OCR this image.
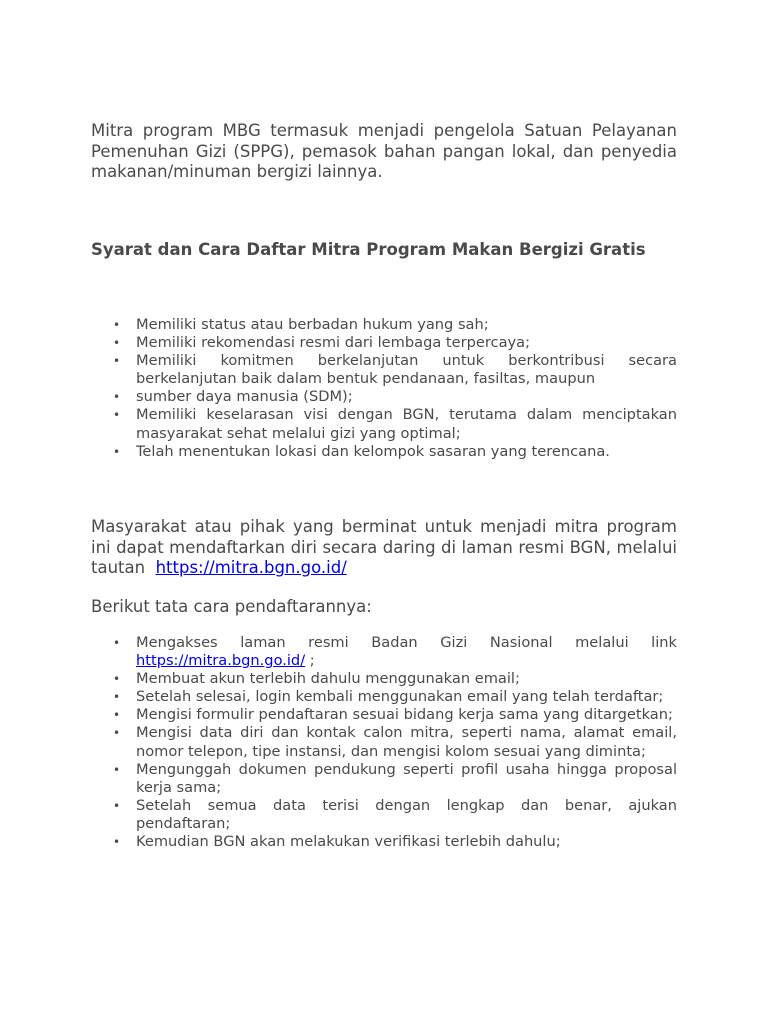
Mitra program MBG termasuk menjadi pengelola Satuan Pelayanan Pemenuhan Gizi (SPPG), pemasok bahan pangan lokal, dan penyedia makanan/minuman bergizi lainnya.

Syarat dan Cara Daftar Mitra Program Makan Bergizi Gratis
• Memiliki status atau berbadan hukum yang sah;
• Memiliki rekomendasi resmi dari lembaga terpercaya;
• Memiliki komitmen berkelanjutan untuk berkontribusi secara berkelanjutan baik dalam bentuk pendanaan, fasiltas, maupun
• sumber daya manusia (SDM);
• Memiliki keselarasan visi dengan BGN, terutama dalam menciptakan masyarakat sehat melalui gizi yang optimal;
• Telah menentukan lokasi dan kelompok sasaran yang terencana.

Masyarakat atau pihak yang berminat untuk menjadi mitra program ini dapat mendaftarkan diri secara daring di laman resmi BGN, melalui tautan  https://mitra.bgn.go.id/

Berikut tata cara pendaftarannya:

• Mengakses laman resmi Badan Gizi Nasional melalui link https://mitra.bgn.go.id/ ;
• Membuat akun terlebih dahulu menggunakan email;
• Setelah selesai, login kembali menggunakan email yang telah terdaftar;
• Mengisi formulir pendaftaran sesuai bidang kerja sama yang ditargetkan;
• Mengisi data diri dan kontak calon mitra, seperti nama, alamat email, nomor telepon, tipe instansi, dan mengisi kolom sesuai yang diminta;
• Mengunggah dokumen pendukung seperti profil usaha hingga proposal kerja sama;
• Setelah semua data terisi dengan lengkap dan benar, ajukan pendaftaran;
• Kemudian BGN akan melakukan verifikasi terlebih dahulu;
